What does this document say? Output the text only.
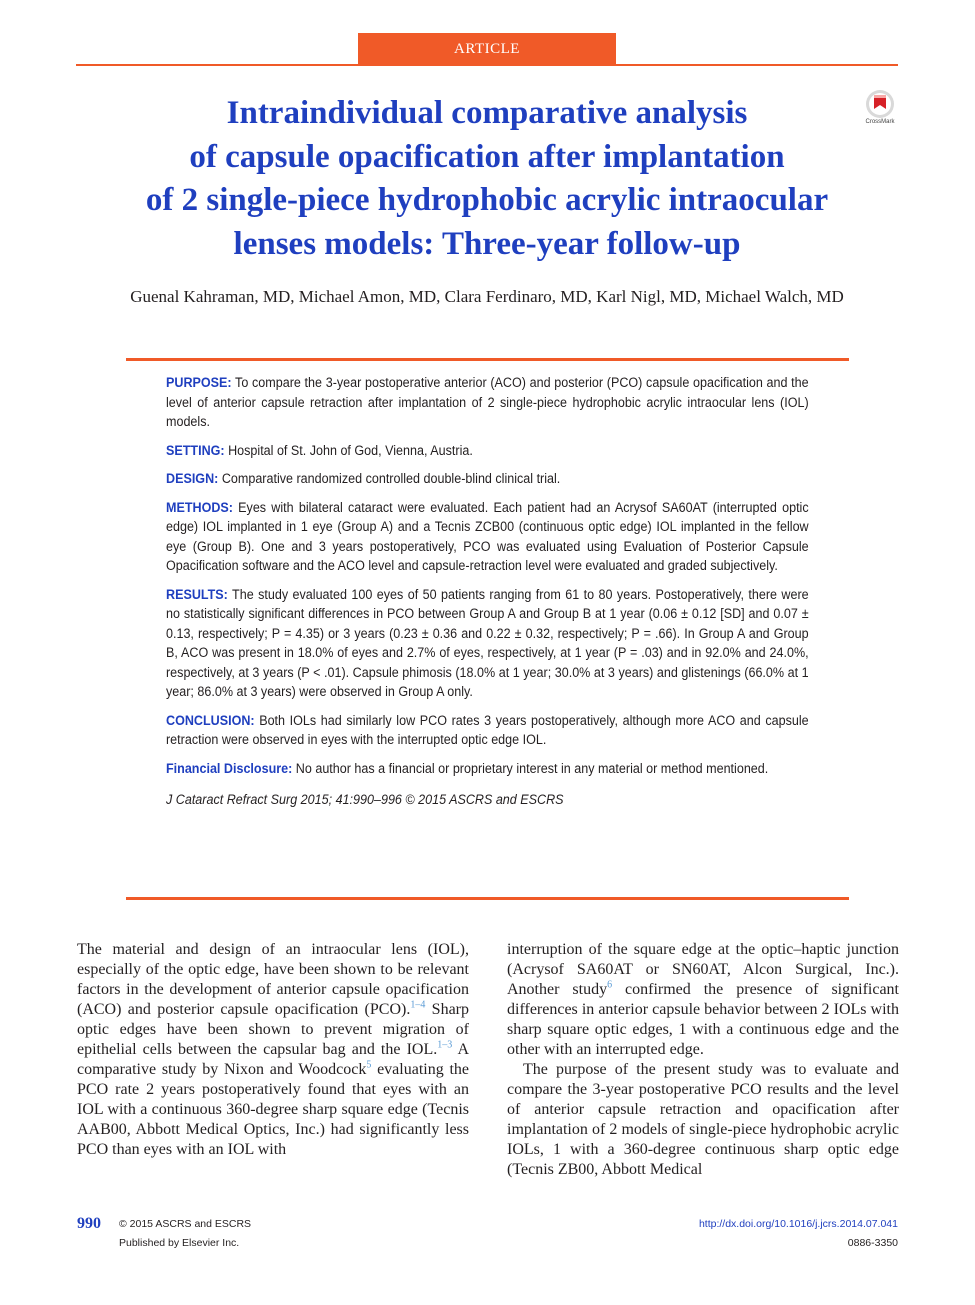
ARTICLE
Intraindividual comparative analysis
of capsule opacification after implantation
of 2 single-piece hydrophobic acrylic intraocular
lenses models: Three-year follow-up
CrossMark
Guenal Kahraman, MD, Michael Amon, MD, Clara Ferdinaro, MD, Karl Nigl, MD, Michael Walch, MD

PURPOSE: To compare the 3-year postoperative anterior (ACO) and posterior (PCO) capsule opacification and the level of anterior capsule retraction after implantation of 2 single-piece hydrophobic acrylic intraocular lens (IOL) models.

SETTING: Hospital of St. John of God, Vienna, Austria.

DESIGN: Comparative randomized controlled double-blind clinical trial.

METHODS: Eyes with bilateral cataract were evaluated. Each patient had an Acrysof SA60AT (interrupted optic edge) IOL implanted in 1 eye (Group A) and a Tecnis ZCB00 (continuous optic edge) IOL implanted in the fellow eye (Group B). One and 3 years postoperatively, PCO was evaluated using Evaluation of Posterior Capsule Opacification software and the ACO level and capsule-retraction level were evaluated and graded subjectively.

RESULTS: The study evaluated 100 eyes of 50 patients ranging from 61 to 80 years. Postoperatively, there were no statistically significant differences in PCO between Group A and Group B at 1 year (0.06 ± 0.12 [SD] and 0.07 ± 0.13, respectively; P = 4.35) or 3 years (0.23 ± 0.36 and 0.22 ± 0.32, respectively; P = .66). In Group A and Group B, ACO was present in 18.0% of eyes and 2.7% of eyes, respectively, at 1 year (P = .03) and in 92.0% and 24.0%, respectively, at 3 years (P < .01). Capsule phimosis (18.0% at 1 year; 30.0% at 3 years) and glistenings (66.0% at 1 year; 86.0% at 3 years) were observed in Group A only.

CONCLUSION: Both IOLs had similarly low PCO rates 3 years postoperatively, although more ACO and capsule retraction were observed in eyes with the interrupted optic edge IOL.

Financial Disclosure: No author has a financial or proprietary interest in any material or method mentioned.

J Cataract Refract Surg 2015; 41:990–996 © 2015 ASCRS and ESCRS

The material and design of an intraocular lens (IOL), especially of the optic edge, have been shown to be relevant factors in the development of anterior capsule opacification (ACO) and posterior capsule opacification (PCO).$^{1-4}$ Sharp optic edges have been shown to prevent migration of epithelial cells between the capsular bag and the IOL.$^{1-3}$ A comparative study by Nixon and Woodcock$^5$ evaluating the PCO rate 2 years postoperatively found that eyes with an IOL with a continuous 360-degree sharp square edge (Tecnis AAB00, Abbott Medical Optics, Inc.) had significantly less PCO than eyes with an IOL with

interruption of the square edge at the optic–haptic junction (Acrysof SA60AT or SN60AT, Alcon Surgical, Inc.). Another study$^6$ confirmed the presence of significant differences in anterior capsule behavior between 2 IOLs with sharp square optic edges, 1 with a continuous edge and the other with an interrupted edge.

The purpose of the present study was to evaluate and compare the 3-year postoperative PCO results and the level of anterior capsule retraction and opacification after implantation of 2 models of single-piece hydrophobic acrylic IOLs, 1 with a 360-degree continuous sharp optic edge (Tecnis ZB00, Abbott Medical

990 © 2015 ASCRS and ESCRS
Published by Elsevier Inc.
http://dx.doi.org/10.1016/j.jcrs.2014.07.041
0886-3350
